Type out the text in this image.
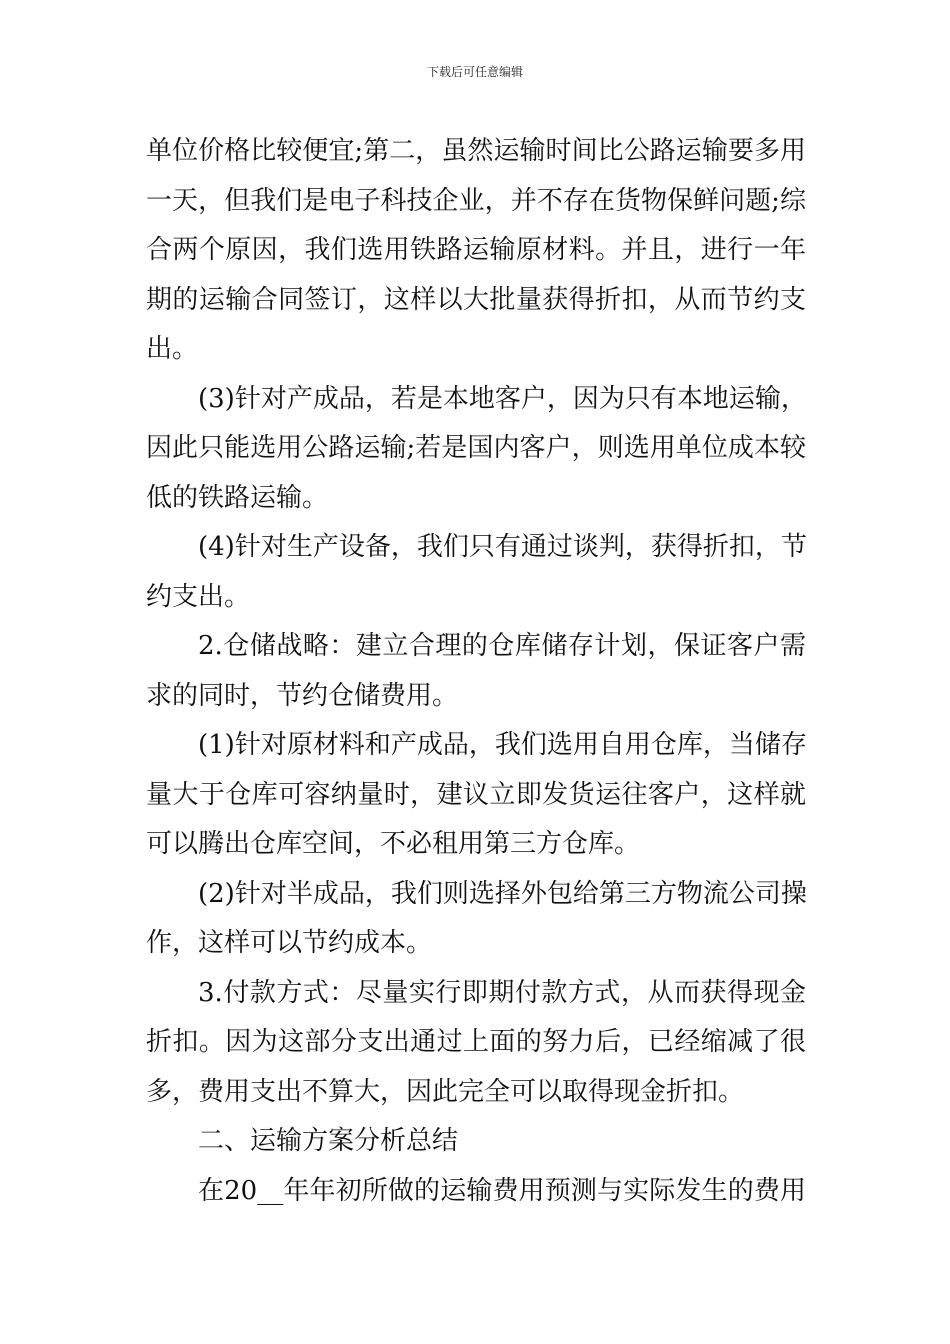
下载后可任意编辑
单位价格比较便宜;第二，虽然运输时间比公路运输要多用
一天，但我们是电子科技企业，并不存在货物保鲜问题;综
合两个原因，我们选用铁路运输原材料。并且，进行一年
期的运输合同签订，这样以大批量获得折扣，从而节约支
出。
(3)针对产成品，若是本地客户，因为只有本地运输，
因此只能选用公路运输;若是国内客户，则选用单位成本较
低的铁路运输。
(4)针对生产设备，我们只有通过谈判，获得折扣，节
约支出。
2.仓储战略：建立合理的仓库储存计划，保证客户需
求的同时，节约仓储费用。
(1)针对原材料和产成品，我们选用自用仓库，当储存
量大于仓库可容纳量时，建议立即发货运往客户，这样就
可以腾出仓库空间，不必租用第三方仓库。
(2)针对半成品，我们则选择外包给第三方物流公司操
作，这样可以节约成本。
3.付款方式：尽量实行即期付款方式，从而获得现金
折扣。因为这部分支出通过上面的努力后，已经缩减了很
多，费用支出不算大，因此完全可以取得现金折扣。
二、运输方案分析总结
在20__年年初所做的运输费用预测与实际发生的费用
